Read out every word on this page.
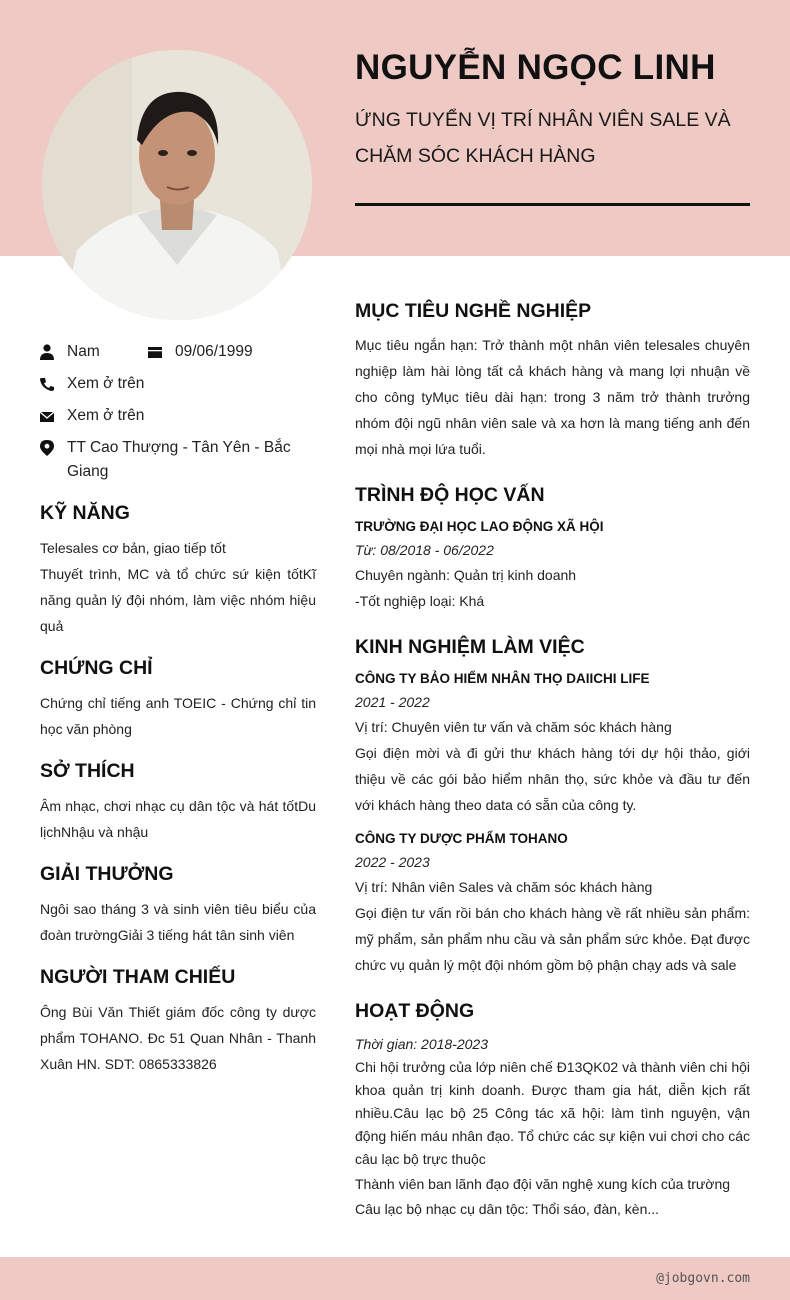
NGUYỄN NGỌC LINH
ỨNG TUYỂN VỊ TRÍ NHÂN VIÊN SALE VÀ CHĂM SÓC KHÁCH HÀNG
Nam	09/06/1999
Xem ở trên
Xem ở trên
TT Cao Thượng - Tân Yên - Bắc Giang
KỸ NĂNG
Telesales cơ bản, giao tiếp tốt
Thuyết trình, MC và tổ chức sứ kiện tốtKĩ năng quản lý đội nhóm, làm việc nhóm hiệu quả
CHỨNG CHỈ
Chứng chỉ tiếng anh TOEIC - Chứng chỉ tin học văn phòng
SỞ THÍCH
Âm nhạc, chơi nhạc cụ dân tộc và hát tốtDu lịchNhậu và nhậu
GIẢI THƯỞNG
Ngôi sao tháng 3 và sinh viên tiêu biểu của đoàn trườngGiải 3 tiếng hát tân sinh viên
NGƯỜI THAM CHIẾU
Ông Bùi Văn Thiết giám đốc công ty dược phẩm TOHANO. Đc 51 Quan Nhân - Thanh Xuân HN. SDT: 0865333826
MỤC TIÊU NGHỀ NGHIỆP
Mục tiêu ngắn hạn: Trở thành một nhân viên telesales chuyên nghiệp làm hài lòng tất cả khách hàng và mang lợi nhuận về cho công tyMục tiêu dài hạn: trong 3 năm trở thành trưởng nhóm đội ngũ nhân viên sale và xa hơn là mang tiếng anh đến mọi nhà mọi lứa tuổi.
TRÌNH ĐỘ HỌC VẤN
TRƯỜNG ĐẠI HỌC LAO ĐỘNG XÃ HỘI
Từ: 08/2018 - 06/2022
Chuyên ngành: Quản trị kinh doanh
-Tốt nghiệp loại: Khá
KINH NGHIỆM LÀM VIỆC
CÔNG TY BẢO HIỂM NHÂN THỌ DAIICHI LIFE
2021 - 2022
Vị trí: Chuyên viên tư vấn và chăm sóc khách hàng
Gọi điện mời và đi gửi thư khách hàng tới dự hội thảo, giới thiệu về các gói bảo hiểm nhân thọ, sức khỏe và đầu tư đến với khách hàng theo data có sẵn của công ty.
CÔNG TY DƯỢC PHẨM TOHANO
2022 - 2023
Vị trí: Nhân viên Sales và chăm sóc khách hàng
Gọi điện tư vấn rồi bán cho khách hàng về rất nhiều sản phẩm: mỹ phẩm, sản phẩm nhu cầu và sản phẩm sức khỏe. Đạt được chức vụ quản lý một đội nhóm gồm bộ phận chạy ads và sale
HOẠT ĐỘNG
Thời gian: 2018-2023
Chi hội trưởng của lớp niên chế Đ13QK02 và thành viên chi hội khoa quản trị kinh doanh. Được tham gia hát, diễn kịch rất nhiều.Câu lạc bộ 25 Công tác xã hội: làm tình nguyện, vận động hiến máu nhân đạo. Tổ chức các sự kiện vui chơi cho các câu lạc bộ trực thuộc
Thành viên ban lãnh đạo đội văn nghệ xung kích của trường
Câu lạc bộ nhạc cụ dân tộc: Thổi sáo, đàn, kèn...
@jobgovn.com
